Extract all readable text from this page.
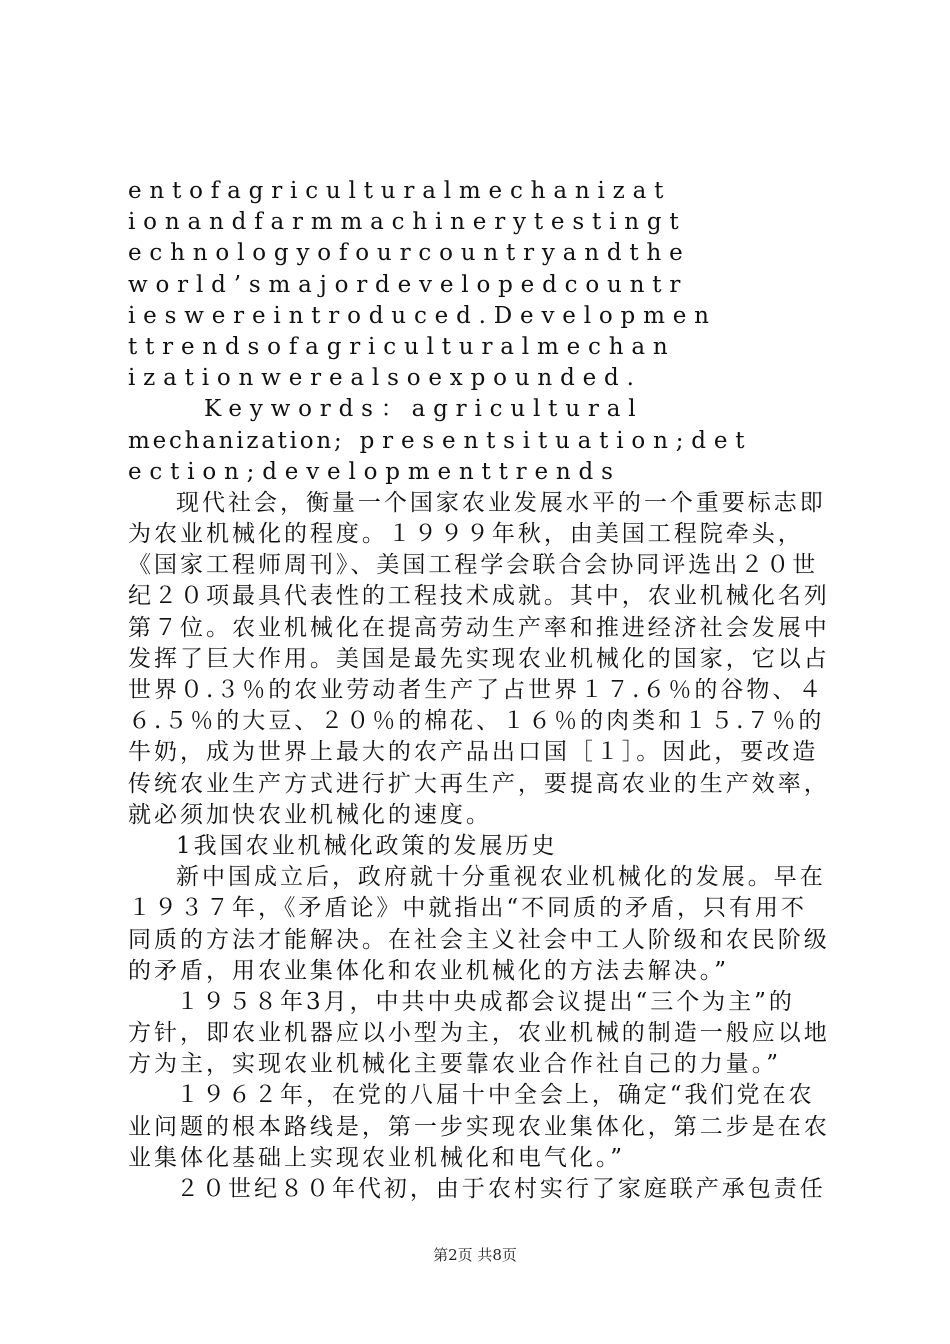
entofagriculturalmechanizat
ionandfarmmachinerytestingt
echnologyofourcountryandthe
world’smajordevelopedcountr
ieswereintroduced.Developmen
ttrendsofagriculturalmechan
izationwerealsoexpounded.
Keywords：agricultural
mechanization; presentsituation;det
ection;developmenttrends
现代社会，衡量一个国家农业发展水平的一个重要标志即
为农业机械化的程度。１９９９年秋，由美国工程院牵头，
《国家工程师周刊》、美国工程学会联合会协同评选出２０世
纪２０项最具代表性的工程技术成就。其中，农业机械化名列
第７位。农业机械化在提高劳动生产率和推进经济社会发展中
发挥了巨大作用。美国是最先实现农业机械化的国家，它以占
世界０.３％的农业劳动者生产了占世界１７.６％的谷物、４
６.５％的大豆、２０％的棉花、１６％的肉类和１５.７％的
牛奶，成为世界上最大的农产品出口国［１］。因此，要改造
传统农业生产方式进行扩大再生产，要提高农业的生产效率，
就必须加快农业机械化的速度。
1我国农业机械化政策的发展历史
新中国成立后，政府就十分重视农业机械化的发展。早在
１９３７年，《矛盾论》中就指出“不同质的矛盾，只有用不
同质的方法才能解决。在社会主义社会中工人阶级和农民阶级
的矛盾，用农业集体化和农业机械化的方法去解决。”
１９５８年3月，中共中央成都会议提出“三个为主”的
方针，即农业机器应以小型为主，农业机械的制造一般应以地
方为主，实现农业机械化主要靠农业合作社自己的力量。”
１９６２年，在党的八届十中全会上，确定“我们党在农
业问题的根本路线是，第一步实现农业集体化，第二步是在农
业集体化基础上实现农业机械化和电气化。”
２０世纪８０年代初，由于农村实行了家庭联产承包责任
第2页 共8页
